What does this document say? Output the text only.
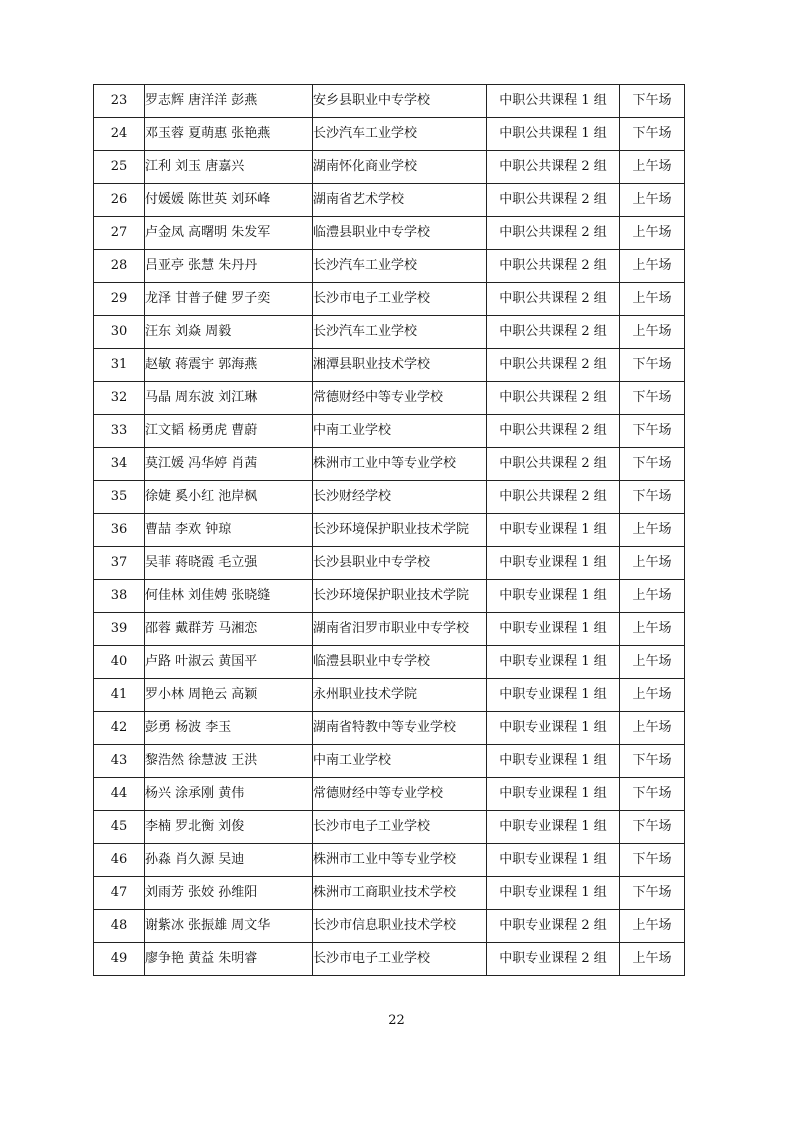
23	罗志辉 唐洋洋 彭燕	安乡县职业中专学校	中职公共课程 1 组	下午场
24	邓玉蓉 夏萌惠 张艳燕	长沙汽车工业学校	中职公共课程 1 组	下午场
25	江利 刘玉 唐嘉兴	湖南怀化商业学校	中职公共课程 2 组	上午场
26	付媛媛 陈世英 刘环峰	湖南省艺术学校	中职公共课程 2 组	上午场
27	卢金凤 高曙明 朱发军	临澧县职业中专学校	中职公共课程 2 组	上午场
28	吕亚亭 张慧 朱丹丹	长沙汽车工业学校	中职公共课程 2 组	上午场
29	龙泽 甘普子健 罗子奕	长沙市电子工业学校	中职公共课程 2 组	上午场
30	汪东 刘焱 周毅	长沙汽车工业学校	中职公共课程 2 组	上午场
31	赵敏 蒋震宇 郭海燕	湘潭县职业技术学校	中职公共课程 2 组	下午场
32	马晶 周东波 刘江琳	常德财经中等专业学校	中职公共课程 2 组	下午场
33	江文韬 杨勇虎 曹蔚	中南工业学校	中职公共课程 2 组	下午场
34	莫江媛 冯华婷 肖茜	株洲市工业中等专业学校	中职公共课程 2 组	下午场
35	徐婕 奚小红 池岸枫	长沙财经学校	中职公共课程 2 组	下午场
36	曹喆 李欢 钟琼	长沙环境保护职业技术学院	中职专业课程 1 组	上午场
37	吴菲 蒋晓霞 毛立强	长沙县职业中专学校	中职专业课程 1 组	上午场
38	何佳林 刘佳娉 张晓缝	长沙环境保护职业技术学院	中职专业课程 1 组	上午场
39	邵蓉 戴群芳 马湘恋	湖南省汨罗市职业中专学校	中职专业课程 1 组	上午场
40	卢路 叶淑云 黄国平	临澧县职业中专学校	中职专业课程 1 组	上午场
41	罗小林 周艳云 高颖	永州职业技术学院	中职专业课程 1 组	上午场
42	彭勇 杨波 李玉	湖南省特教中等专业学校	中职专业课程 1 组	上午场
43	黎浩然 徐慧波 王洪	中南工业学校	中职专业课程 1 组	下午场
44	杨兴 涂承刚 黄伟	常德财经中等专业学校	中职专业课程 1 组	下午场
45	李楠 罗北衡 刘俊	长沙市电子工业学校	中职专业课程 1 组	下午场
46	孙淼 肖久源 吴迪	株洲市工业中等专业学校	中职专业课程 1 组	下午场
47	刘雨芳 张姣 孙维阳	株洲市工商职业技术学校	中职专业课程 1 组	下午场
48	谢紫冰 张振雄 周文华	长沙市信息职业技术学校	中职专业课程 2 组	上午场
49	廖争艳 黄益 朱明睿	长沙市电子工业学校	中职专业课程 2 组	上午场
22
